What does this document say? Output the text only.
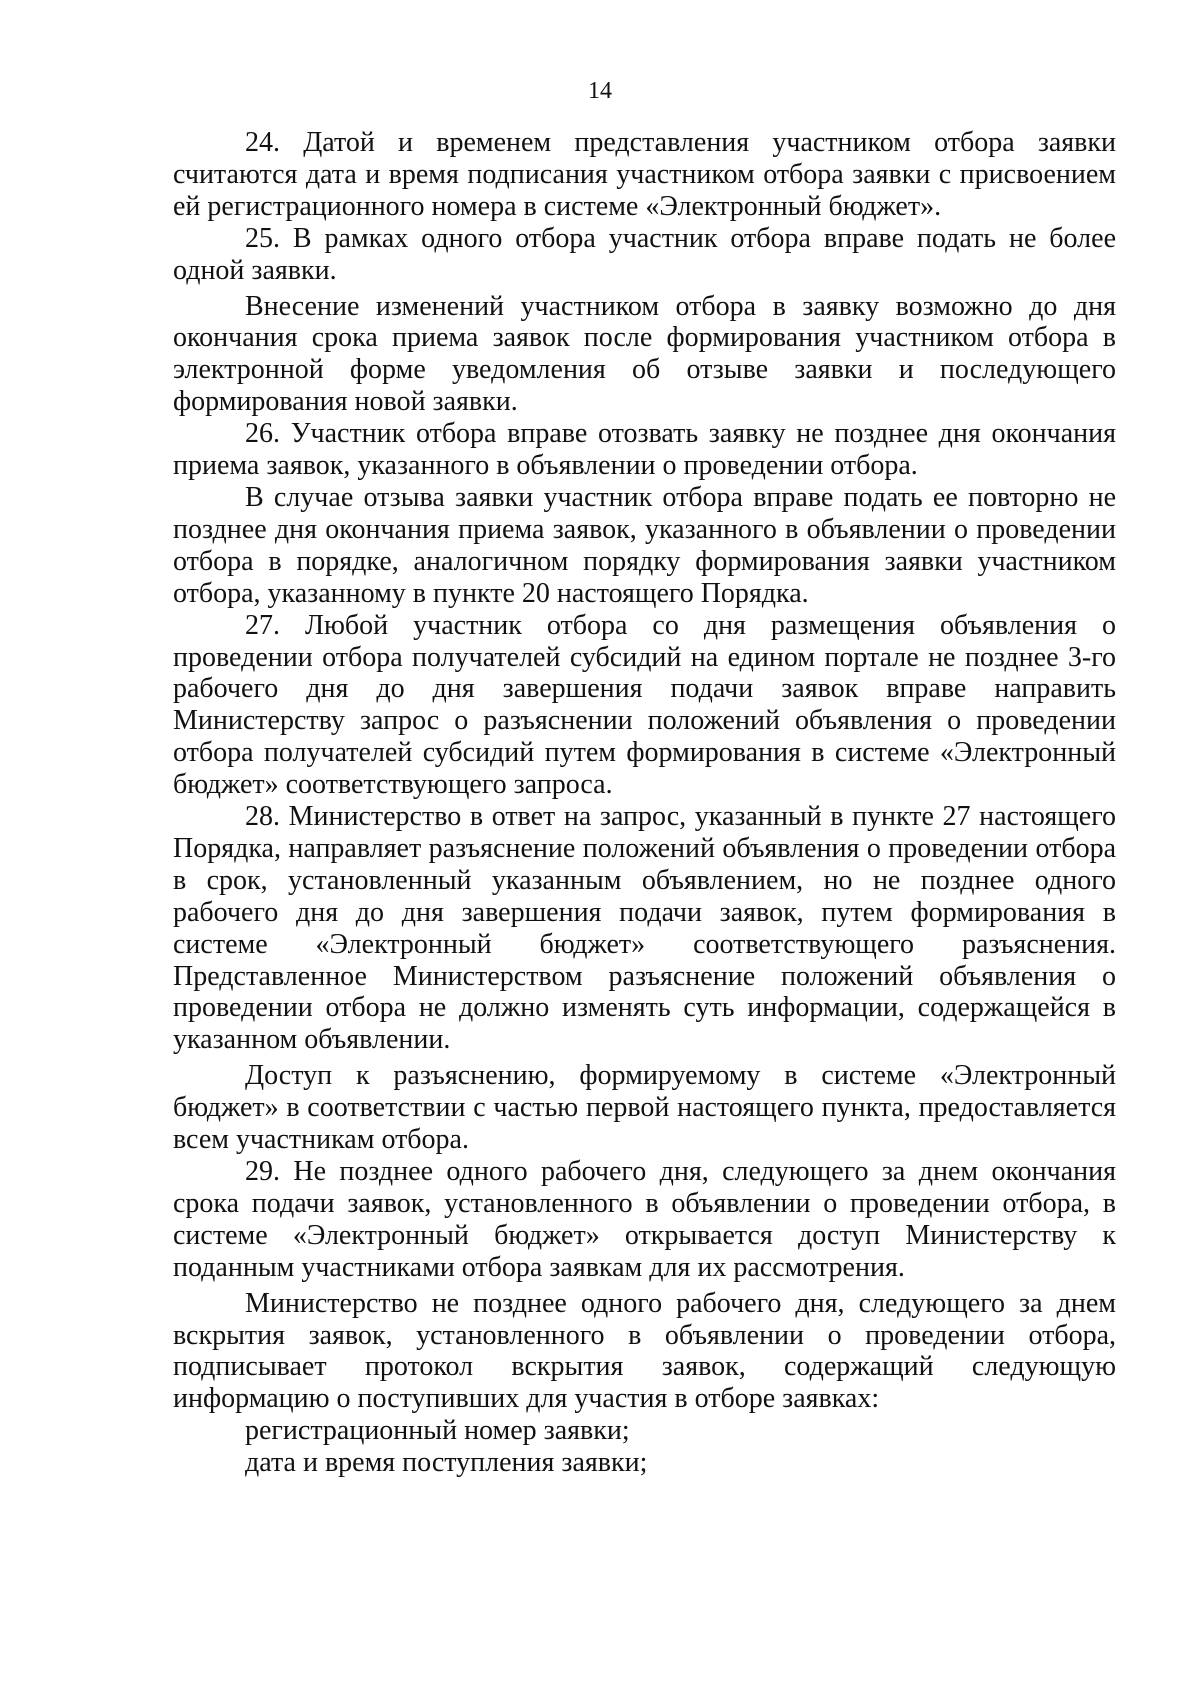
14

24. Датой и временем представления участником отбора заявки считаются дата и время подписания участником отбора заявки с присвоением ей регистрационного номера в системе «Электронный бюджет».

25. В рамках одного отбора участник отбора вправе подать не более одной заявки.

Внесение изменений участником отбора в заявку возможно до дня окончания срока приема заявок после формирования участником отбора в электронной форме уведомления об отзыве заявки и последующего формирования новой заявки.

26. Участник отбора вправе отозвать заявку не позднее дня окончания приема заявок, указанного в объявлении о проведении отбора.

В случае отзыва заявки участник отбора вправе подать ее повторно не позднее дня окончания приема заявок, указанного в объявлении о проведении отбора в порядке, аналогичном порядку формирования заявки участником отбора, указанному в пункте 20 настоящего Порядка.

27. Любой участник отбора со дня размещения объявления о проведении отбора получателей субсидий на едином портале не позднее 3-го рабочего дня до дня завершения подачи заявок вправе направить Министерству запрос о разъяснении положений объявления о проведении отбора получателей субсидий путем формирования в системе «Электронный бюджет» соответствующего запроса.

28. Министерство в ответ на запрос, указанный в пункте 27 настоящего Порядка, направляет разъяснение положений объявления о проведении отбора в срок, установленный указанным объявлением, но не позднее одного рабочего дня до дня завершения подачи заявок, путем формирования в системе «Электронный бюджет» соответствующего разъяснения. Представленное Министерством разъяснение положений объявления о проведении отбора не должно изменять суть информации, содержащейся в указанном объявлении.

Доступ к разъяснению, формируемому в системе «Электронный бюджет» в соответствии с частью первой настоящего пункта, предоставляется всем участникам отбора.

29. Не позднее одного рабочего дня, следующего за днем окончания срока подачи заявок, установленного в объявлении о проведении отбора, в системе «Электронный бюджет» открывается доступ Министерству к поданным участниками отбора заявкам для их рассмотрения.

Министерство не позднее одного рабочего дня, следующего за днем вскрытия заявок, установленного в объявлении о проведении отбора, подписывает протокол вскрытия заявок, содержащий следующую информацию о поступивших для участия в отборе заявках:

регистрационный номер заявки;

дата и время поступления заявки;
